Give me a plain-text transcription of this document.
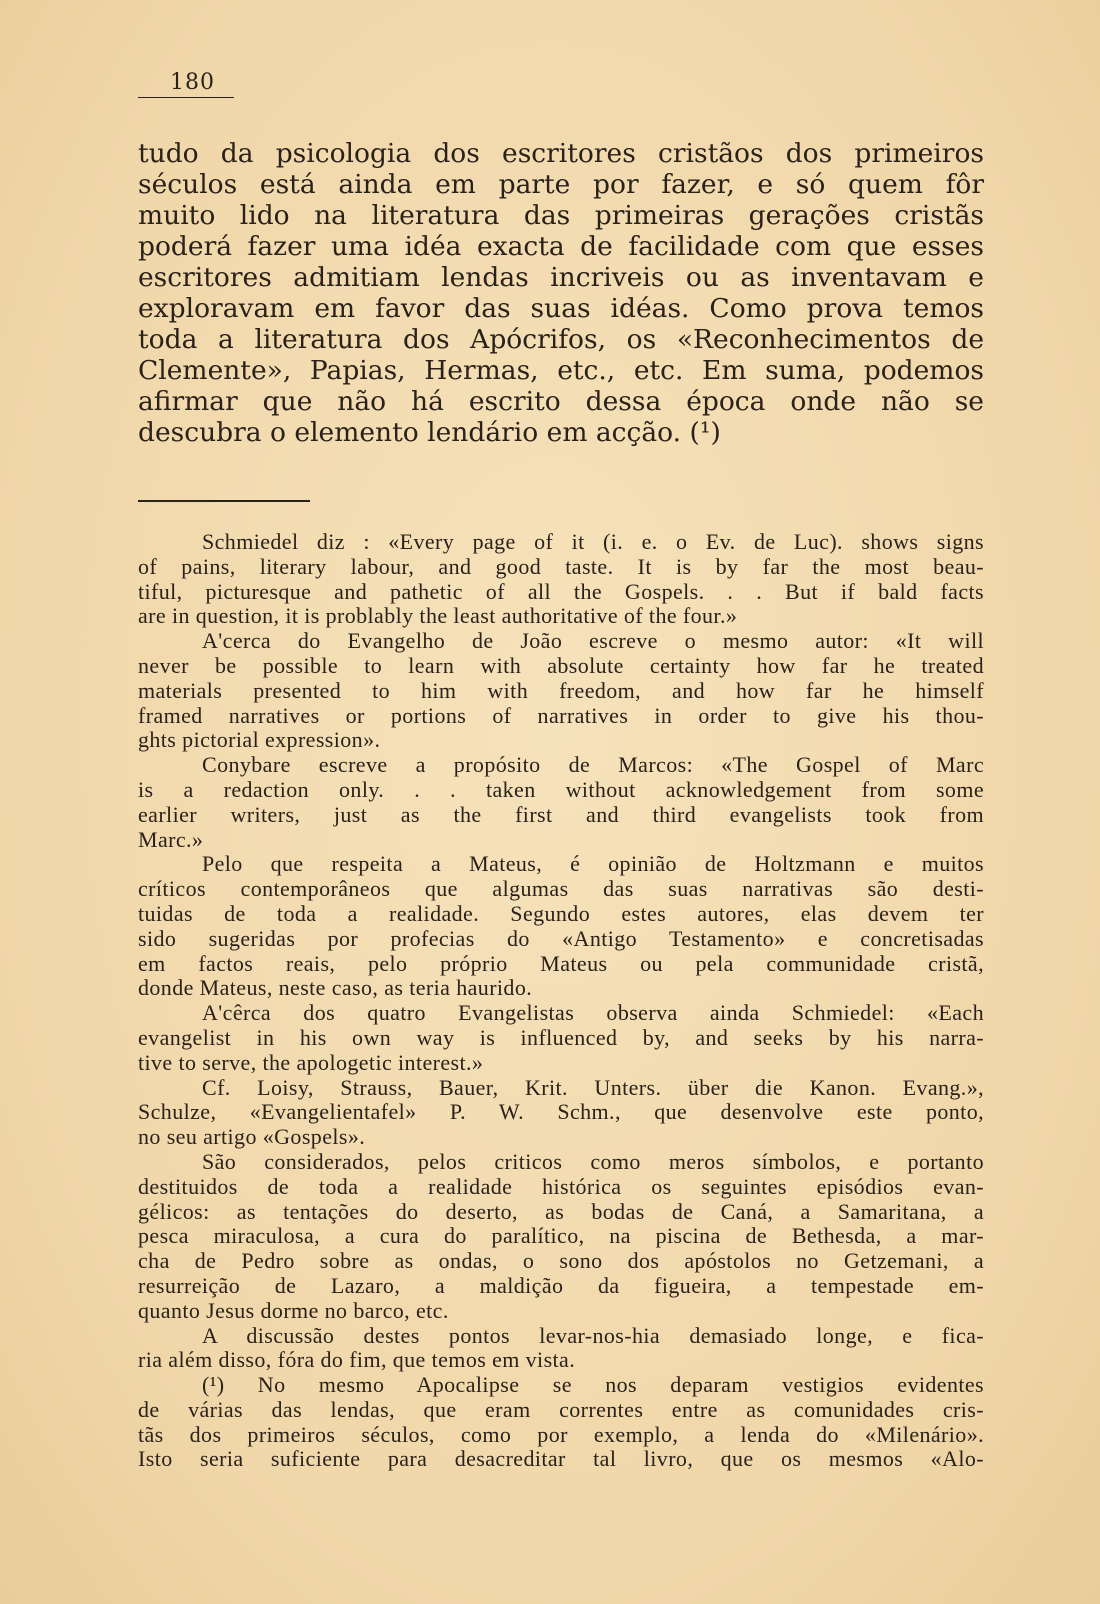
180
tudo da psicologia dos escritores cristãos dos primeiros
séculos está ainda em parte por fazer, e só quem fôr
muito lido na literatura das primeiras gerações cristãs
poderá fazer uma idéa exacta de facilidade com que esses
escritores admitiam lendas incriveis ou as inventavam e
exploravam em favor das suas idéas. Como prova temos
toda a literatura dos Apócrifos, os «Reconhecimentos de
Clemente», Papias, Hermas, etc., etc. Em suma, podemos
afirmar que não há escrito dessa época onde não se
descubra o elemento lendário em acção. (¹)
Schmiedel diz : «Every page of it (i. e. o Ev. de Luc). shows signs
of pains, literary labour, and good taste. It is by far the most beau-
tiful, picturesque and pathetic of all the Gospels. . . But if bald facts
are in question, it is problably the least authoritative of the four.»
A'cerca do Evangelho de João escreve o mesmo autor: «It will
never be possible to learn with absolute certainty how far he treated
materials presented to him with freedom, and how far he himself
framed narratives or portions of narratives in order to give his thou-
ghts pictorial expression».
Conybare escreve a propósito de Marcos: «The Gospel of Marc
is a redaction only. . . taken without acknowledgement from some
earlier writers, just as the first and third evangelists took from
Marc.»
Pelo que respeita a Mateus, é opinião de Holtzmann e muitos
críticos contemporâneos que algumas das suas narrativas são desti-
tuidas de toda a realidade. Segundo estes autores, elas devem ter
sido sugeridas por profecias do «Antigo Testamento» e concretisadas
em factos reais, pelo próprio Mateus ou pela communidade cristã,
donde Mateus, neste caso, as teria haurido.
A'cêrca dos quatro Evangelistas observa ainda Schmiedel: «Each
evangelist in his own way is influenced by, and seeks by his narra-
tive to serve, the apologetic interest.»
Cf. Loisy, Strauss, Bauer, Krit. Unters. über die Kanon. Evang.»,
Schulze, «Evangelientafel» P. W. Schm., que desenvolve este ponto,
no seu artigo «Gospels».
São considerados, pelos criticos como meros símbolos, e portanto
destituidos de toda a realidade histórica os seguintes episódios evan-
gélicos: as tentações do deserto, as bodas de Caná, a Samaritana, a
pesca miraculosa, a cura do paralítico, na piscina de Bethesda, a mar-
cha de Pedro sobre as ondas, o sono dos apóstolos no Getzemani, a
resurreição de Lazaro, a maldição da figueira, a tempestade em-
quanto Jesus dorme no barco, etc.
A discussão destes pontos levar-nos-hia demasiado longe, e fica-
ria além disso, fóra do fim, que temos em vista.
(¹) No mesmo Apocalipse se nos deparam vestigios evidentes
de várias das lendas, que eram correntes entre as comunidades cris-
tãs dos primeiros séculos, como por exemplo, a lenda do «Milenário».
Isto seria suficiente para desacreditar tal livro, que os mesmos «Alo-
